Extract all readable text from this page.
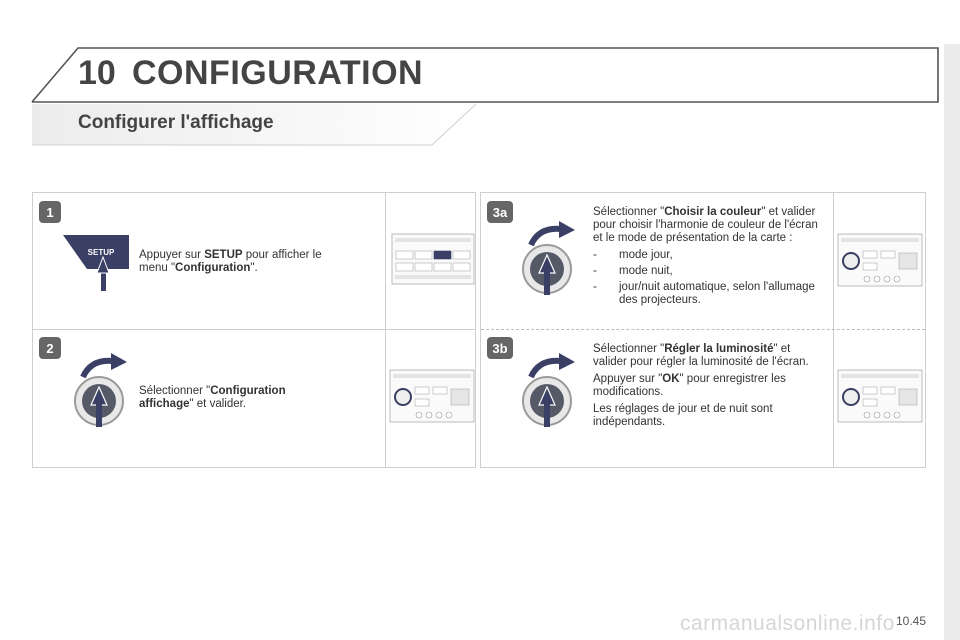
10 CONFIGURATION
Configurer l'affichage
1
SETUP Appuyer sur SETUP pour afficher le menu "Configuration".

2

Sélectionner "Configuration affichage" et valider.

3a	Sélectionner "Choisir la couleur" et valider pour choisir l'harmonie de couleur de l'écran et le mode de présentation de la carte :

- mode jour,
- mode nuit,
- jour/nuit automatique, selon l'allumage des projecteurs.
3b	Sélectionner "Régler la luminosité" et valider pour régler la luminosité de l'écran.

Appuyer sur "OK" pour enregistrer les modifications.

Les réglages de jour et de nuit sont indépendants.

carmanualsonline.info 10.45
